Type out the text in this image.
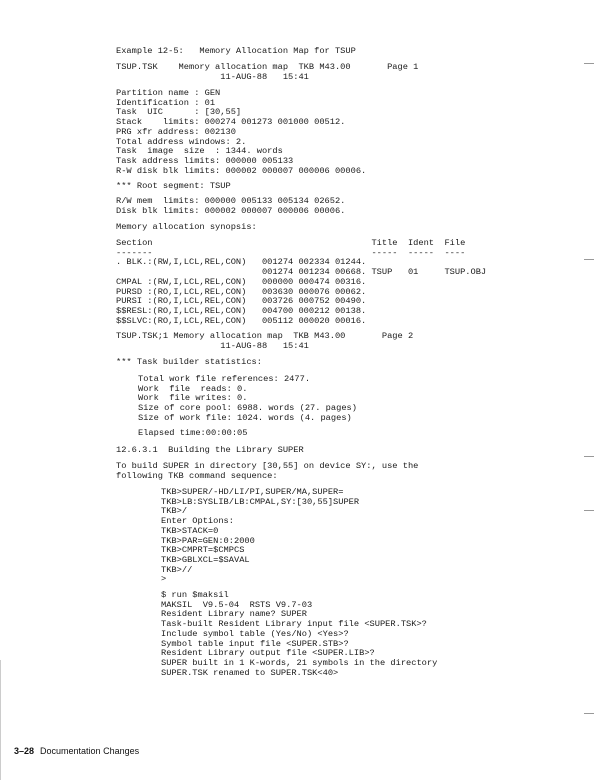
Example 12-5:   Memory Allocation Map for TSUP
TSUP.TSK    Memory allocation map  TKB M43.00       Page 1
11-AUG-88   15:41
Partition name : GEN
Identification : 01
Task  UIC      : [30,55]
Stack    limits: 000274 001273 001000 00512.
PRG xfr address: 002130
Total address windows: 2.
Task  image  size  : 1344. words
Task address limits: 000000 005133
R-W disk blk limits: 000002 000007 000006 00006.
*** Root segment: TSUP
R/W mem  limits: 000000 005133 005134 02652.
Disk blk limits: 000002 000007 000006 00006.
Memory allocation synopsis:
Section                                          Title  Ident  File
-------                                          -----  -----  ----
. BLK.:(RW,I,LCL,REL,CON)   001274 002334 01244.
001274 001234 00668. TSUP   01     TSUP.OBJ
CMPAL :(RW,I,LCL,REL,CON)   000000 000474 00316.
PURSD :(RO,I,LCL,REL,CON)   003630 000076 00062.
PURSI :(RO,I,LCL,REL,CON)   003726 000752 00490.
$$RESL:(RO,I,LCL,REL,CON)   004700 000212 00138.
$$SLVC:(RO,I,LCL,REL,CON)   005112 000020 00016.
TSUP.TSK;1 Memory allocation map  TKB M43.00       Page 2
11-AUG-88   15:41
*** Task builder statistics:
Total work file references: 2477.
Work  file  reads: 0.
Work  file writes: 0.
Size of core pool: 6988. words (27. pages)
Size of work file: 1024. words (4. pages)
Elapsed time:00:00:05
12.6.3.1  Building the Library SUPER
To build SUPER in directory [30,55] on device SY:, use the
following TKB command sequence:
TKB>SUPER/-HD/LI/PI,SUPER/MA,SUPER=
TKB>LB:SYSLIB/LB:CMPAL,SY:[30,55]SUPER
TKB>/
Enter Options:
TKB>STACK=0
TKB>PAR=GEN:0:2000
TKB>CMPRT=$CMPCS
TKB>GBLXCL=$SAVAL
TKB>//
>
$ run $maksil
MAKSIL  V9.5-04  RSTS V9.7-03
Resident Library name? SUPER
Task-built Resident Library input file <SUPER.TSK>?
Include symbol table (Yes/No) <Yes>?
Symbol table input file <SUPER.STB>?
Resident Library output file <SUPER.LIB>?
SUPER built in 1 K-words, 21 symbols in the directory
SUPER.TSK renamed to SUPER.TSK<40>
3–28 Documentation Changes
